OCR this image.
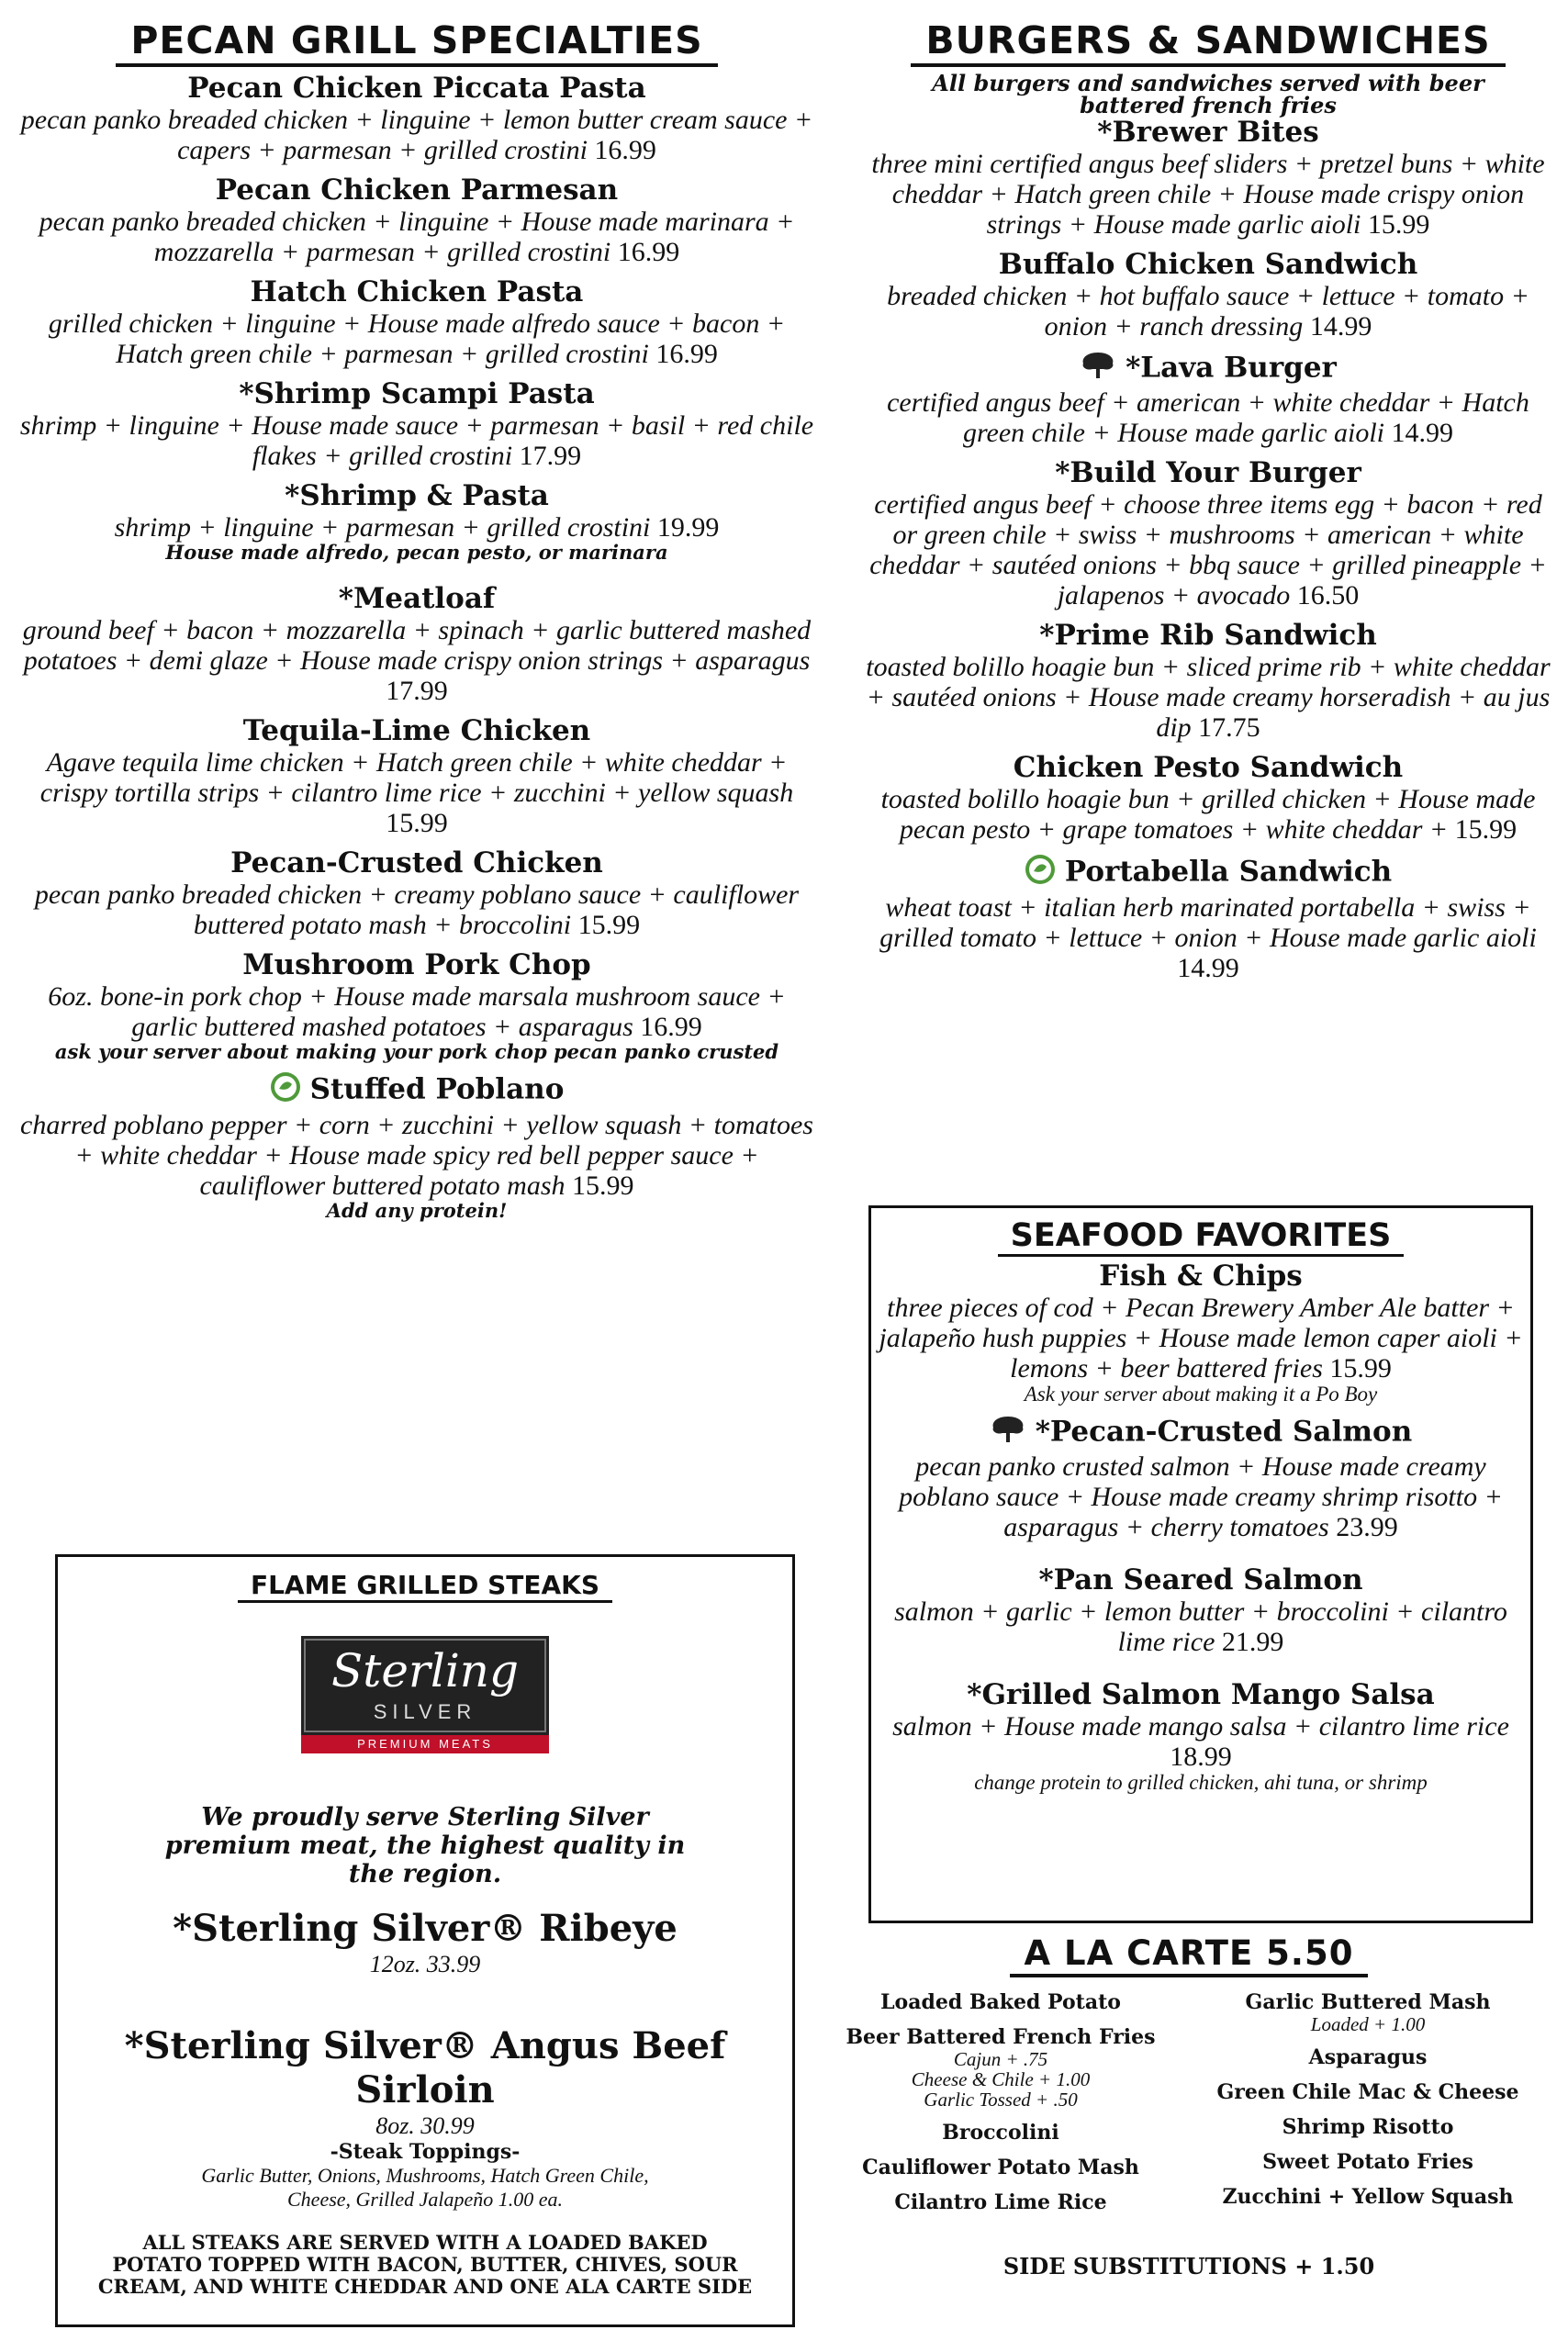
PECAN GRILL SPECIALTIES
Pecan Chicken Piccata Pasta
pecan panko breaded chicken + linguine + lemon butter cream sauce + capers + parmesan + grilled crostini 16.99
Pecan Chicken Parmesan
pecan panko breaded chicken + linguine + House made marinara + mozzarella + parmesan + grilled crostini 16.99
Hatch Chicken Pasta
grilled chicken + linguine + House made alfredo sauce + bacon + Hatch green chile + parmesan + grilled crostini 16.99
*Shrimp Scampi Pasta
shrimp + linguine + House made sauce + parmesan + basil + red chile flakes + grilled crostini 17.99
*Shrimp & Pasta
shrimp + linguine + parmesan + grilled crostini 19.99
House made alfredo, pecan pesto, or marinara
*Meatloaf
ground beef + bacon + mozzarella + spinach + garlic buttered mashed potatoes + demi glaze + House made crispy onion strings + asparagus 17.99
Tequila-Lime Chicken
Agave tequila lime chicken + Hatch green chile + white cheddar + crispy tortilla strips + cilantro lime rice + zucchini + yellow squash 15.99
Pecan-Crusted Chicken
pecan panko breaded chicken + creamy poblano sauce + cauliflower buttered potato mash + broccolini 15.99
Mushroom Pork Chop
6oz. bone-in pork chop + House made marsala mushroom sauce + garlic buttered mashed potatoes + asparagus 16.99
ask your server about making your pork chop pecan panko crusted
Stuffed Poblano
charred poblano pepper + corn + zucchini + yellow squash + tomatoes + white cheddar + House made spicy red bell pepper sauce + cauliflower buttered potato mash 15.99
Add any protein!
FLAME GRILLED STEAKS
Sterling
SILVER
PREMIUM MEATS
We proudly serve Sterling Silver premium meat, the highest quality in the region.
*Sterling Silver® Ribeye
12oz. 33.99
*Sterling Silver® Angus Beef
Sirloin
8oz. 30.99
-Steak Toppings-
Garlic Butter, Onions, Mushrooms, Hatch Green Chile, Cheese, Grilled Jalapeño 1.00 ea.
ALL STEAKS ARE SERVED WITH A LOADED BAKED POTATO TOPPED WITH BACON, BUTTER, CHIVES, SOUR CREAM, AND WHITE CHEDDAR AND ONE ALA CARTE SIDE
BURGERS & SANDWICHES
All burgers and sandwiches served with beer battered french fries
*Brewer Bites
three mini certified angus beef sliders + pretzel buns + white cheddar + Hatch green chile + House made crispy onion strings + House made garlic aioli 15.99
Buffalo Chicken Sandwich
breaded chicken + hot buffalo sauce + lettuce + tomato + onion + ranch dressing 14.99
*Lava Burger
certified angus beef + american + white cheddar + Hatch green chile + House made garlic aioli 14.99
*Build Your Burger
certified angus beef + choose three items egg + bacon + red or green chile + swiss + mushrooms + american + white cheddar + sautéed onions + bbq sauce + grilled pineapple + jalapenos + avocado 16.50
*Prime Rib Sandwich
toasted bolillo hoagie bun + sliced prime rib + white cheddar + sautéed onions + House made creamy horseradish + au jus dip 17.75
Chicken Pesto Sandwich
toasted bolillo hoagie bun + grilled chicken + House made pecan pesto + grape tomatoes + white cheddar + 15.99
Portabella Sandwich
wheat toast + italian herb marinated portabella + swiss + grilled tomato + lettuce + onion + House made garlic aioli 14.99
SEAFOOD FAVORITES
Fish & Chips
three pieces of cod + Pecan Brewery Amber Ale batter + jalapeño hush puppies + House made lemon caper aioli + lemons + beer battered fries 15.99
Ask your server about making it a Po Boy
*Pecan-Crusted Salmon
pecan panko crusted salmon + House made creamy poblano sauce + House made creamy shrimp risotto + asparagus + cherry tomatoes 23.99
*Pan Seared Salmon
salmon + garlic + lemon butter + broccolini + cilantro lime rice 21.99
*Grilled Salmon Mango Salsa
salmon + House made mango salsa + cilantro lime rice 18.99
change protein to grilled chicken, ahi tuna, or shrimp
A LA CARTE 5.50
Loaded Baked Potato
Beer Battered French Fries
Cajun + .75
Cheese & Chile + 1.00
Garlic Tossed + .50
Broccolini
Cauliflower Potato Mash
Cilantro Lime Rice
Garlic Buttered Mash
Loaded + 1.00
Asparagus
Green Chile Mac & Cheese
Shrimp Risotto
Sweet Potato Fries
Zucchini + Yellow Squash
SIDE SUBSTITUTIONS + 1.50
